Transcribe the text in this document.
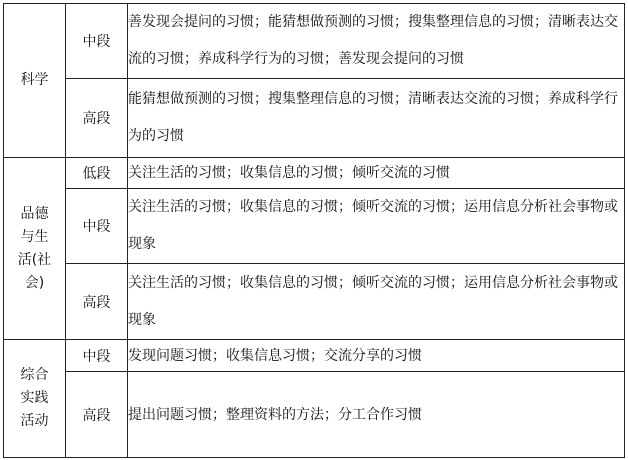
科学	中段	善发现会提问的习惯；能猜想做预测的习惯；搜集整理信息的习惯；清晰表达交流的习惯；养成科学行为的习惯；善发现会提问的习惯
	高段	能猜想做预测的习惯；搜集整理信息的习惯；清晰表达交流的习惯；养成科学行为的习惯

品德
与生
活(社
会)	低段	关注生活的习惯；收集信息的习惯；倾听交流的习惯
	中段	关注生活的习惯；收集信息的习惯；倾听交流的习惯；运用信息分析社会事物或现象
	高段	关注生活的习惯；收集信息的习惯；倾听交流的习惯；运用信息分析社会事物或现象

综合
实践
活动	中段	发现问题习惯；收集信息习惯；交流分享的习惯
	高段	提出问题习惯；整理资料的方法；分工合作习惯
